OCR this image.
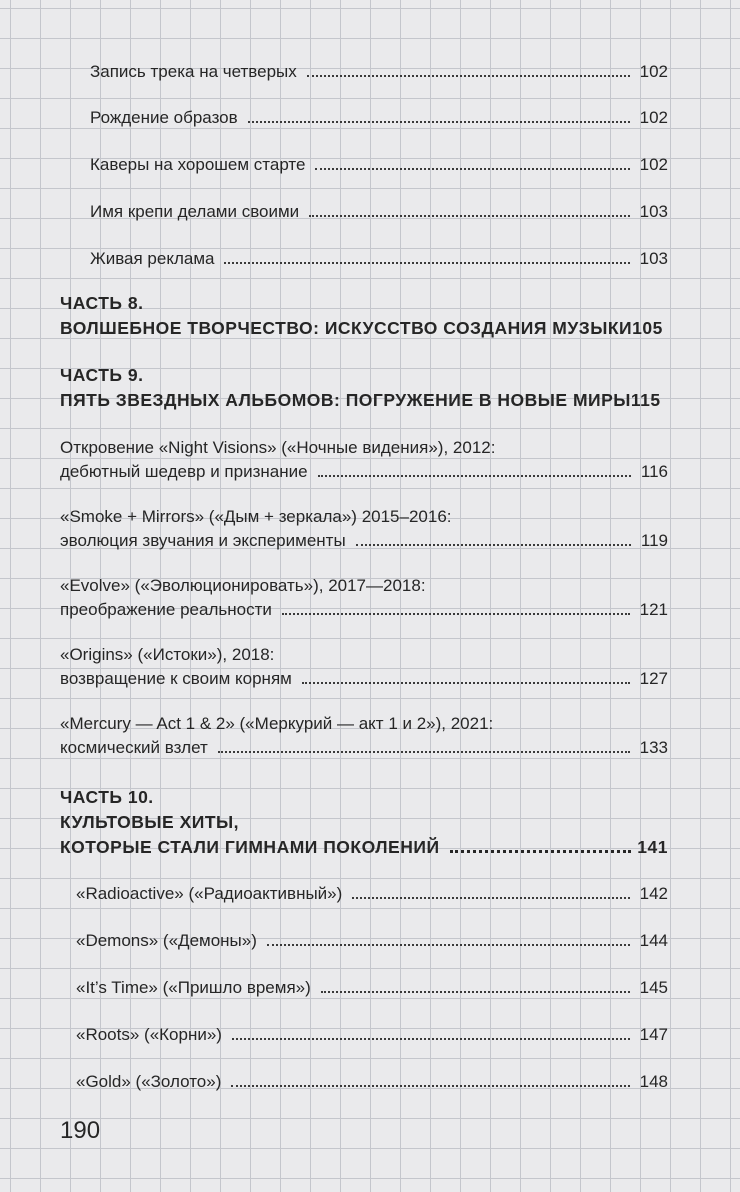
Запись трека на четверых	102
Рождение образов	102
Каверы на хорошем старте	102
Имя крепи делами своими	103
Живая реклама	103
ЧАСТЬ 8.
ВОЛШЕБНОЕ ТВОРЧЕСТВО: ИСКУССТВО СОЗДАНИЯ МУЗЫКИ 105
ЧАСТЬ 9.
ПЯТЬ ЗВЕЗДНЫХ АЛЬБОМОВ: ПОГРУЖЕНИЕ В НОВЫЕ МИРЫ 115
Откровение «Night Visions» («Ночные видения»), 2012:
дебютный шедевр и признание	116
«Smoke + Mirrors» («Дым + зеркала») 2015–2016:
эволюция звучания и эксперименты	119
«Evolve» («Эволюционировать»), 2017—2018:
преображение реальности	121
«Origins» («Истоки»), 2018:
возвращение к своим корням	127
«Mercury — Act 1 & 2» («Меркурий — акт 1 и 2»), 2021:
космический взлет	133
ЧАСТЬ 10.
КУЛЬТОВЫЕ ХИТЫ,
КОТОРЫЕ СТАЛИ ГИМНАМИ ПОКОЛЕНИЙ	141
«Radioactive» («Радиоактивный»)	142
«Demons» («Демоны»)	144
«It’s Time» («Пришло время»)	145
«Roots» («Корни»)	147
«Gold» («Золото»)	148
190
